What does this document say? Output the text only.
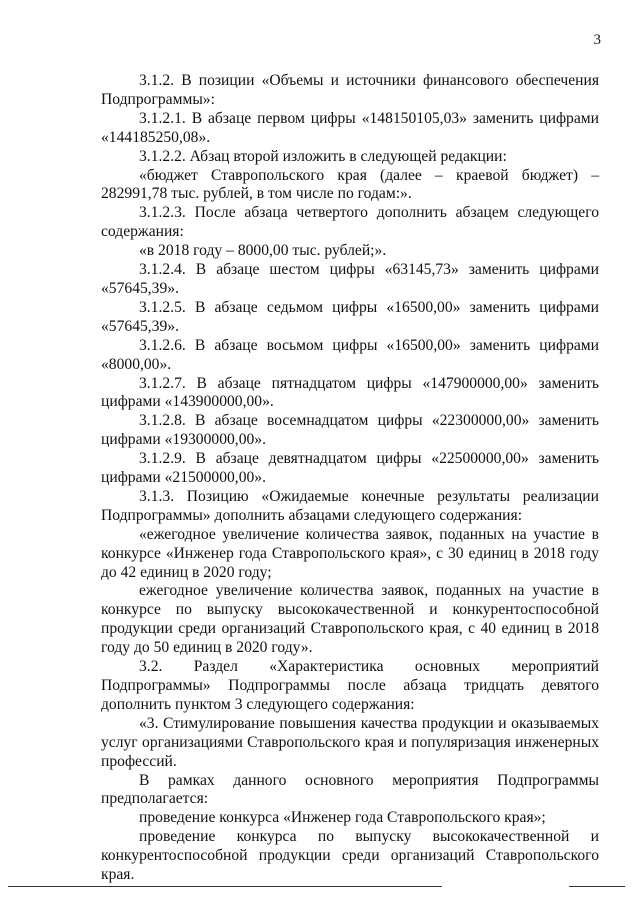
3

3.1.2. В позиции «Объемы и источники финансового обеспечения Подпрограммы»:

3.1.2.1. В абзаце первом цифры «148150105,03» заменить цифрами «144185250,08».

3.1.2.2. Абзац второй изложить в следующей редакции:

«бюджет Ставропольского края (далее – краевой бюджет) – 282991,78 тыс. рублей, в том числе по годам:».

3.1.2.3. После абзаца четвертого дополнить абзацем следующего содержания:

«в 2018 году – 8000,00 тыс. рублей;».

3.1.2.4. В абзаце шестом цифры «63145,73» заменить цифрами «57645,39».

3.1.2.5. В абзаце седьмом цифры «16500,00» заменить цифрами «57645,39».

3.1.2.6. В абзаце восьмом цифры «16500,00» заменить цифрами «8000,00».

3.1.2.7. В абзаце пятнадцатом цифры «147900000,00» заменить цифрами «143900000,00».

3.1.2.8. В абзаце восемнадцатом цифры «22300000,00» заменить цифрами «19300000,00».

3.1.2.9. В абзаце девятнадцатом цифры «22500000,00» заменить цифрами «21500000,00».

3.1.3. Позицию «Ожидаемые конечные результаты реализации Подпрограммы» дополнить абзацами следующего содержания:

«ежегодное увеличение количества заявок, поданных на участие в конкурсе «Инженер года Ставропольского края», с 30 единиц в 2018 году до 42 единиц в 2020 году;

ежегодное увеличение количества заявок, поданных на участие в конкурсе по выпуску высококачественной и конкурентоспособной продукции среди организаций Ставропольского края, с 40 единиц в 2018 году до 50 единиц в 2020 году».

3.2. Раздел «Характеристика основных мероприятий Подпрограммы» Подпрограммы после абзаца тридцать девятого дополнить пунктом 3 следующего содержания:

«3. Стимулирование повышения качества продукции и оказываемых услуг организациями Ставропольского края и популяризация инженерных профессий.

В рамках данного основного мероприятия Подпрограммы предполагается:

проведение конкурса «Инженер года Ставропольского края»;

проведение конкурса по выпуску высококачественной и конкурентоспособной продукции среди организаций Ставропольского края.
